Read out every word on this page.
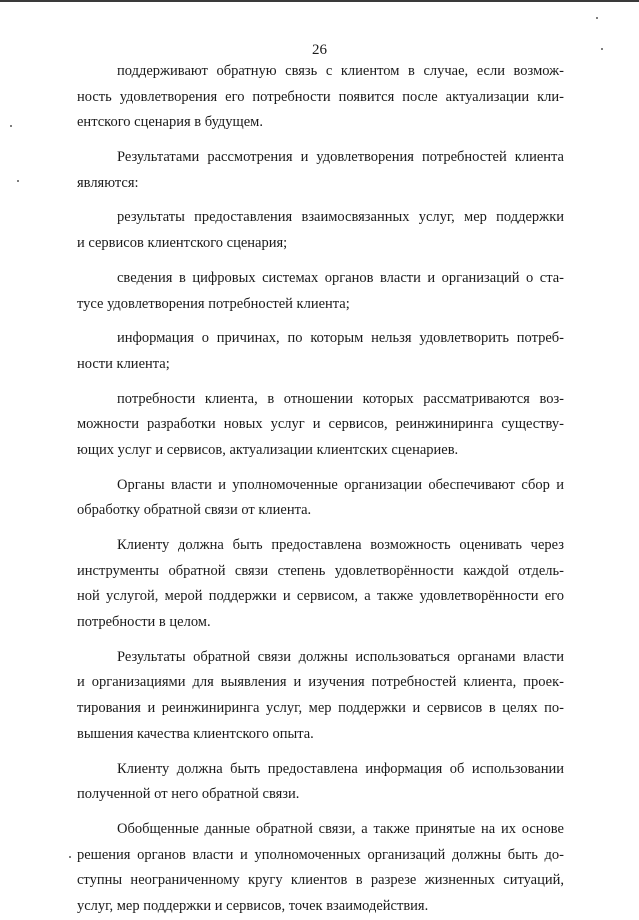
26
поддерживают обратную связь с клиентом в случае, если возмож-
ность удовлетворения его потребности появится после актуализации кли-
ентского сценария в будущем.
Результатами рассмотрения и удовлетворения потребностей клиента
являются:
результаты предоставления взаимосвязанных услуг, мер поддержки
и сервисов клиентского сценария;
сведения в цифровых системах органов власти и организаций о ста-
тусе удовлетворения потребностей клиента;
информация о причинах, по которым нельзя удовлетворить потреб-
ности клиента;
потребности клиента, в отношении которых рассматриваются воз-
можности разработки новых услуг и сервисов, реинжиниринга существу-
ющих услуг и сервисов, актуализации клиентских сценариев.
Органы власти и уполномоченные организации обеспечивают сбор и
обработку обратной связи от клиента.
Клиенту должна быть предоставлена возможность оценивать через
инструменты обратной связи степень удовлетворённости каждой отдель-
ной услугой, мерой поддержки и сервисом, а также удовлетворённости его
потребности в целом.
Результаты обратной связи должны использоваться органами власти
и организациями для выявления и изучения потребностей клиента, проек-
тирования и реинжиниринга услуг, мер поддержки и сервисов в целях по-
вышения качества клиентского опыта.
Клиенту должна быть предоставлена информация об использовании
полученной от него обратной связи.
Обобщенные данные обратной связи, а также принятые на их основе
решения органов власти и уполномоченных организаций должны быть до-
ступны неограниченному кругу клиентов в разрезе жизненных ситуаций,
услуг, мер поддержки и сервисов, точек взаимодействия.
